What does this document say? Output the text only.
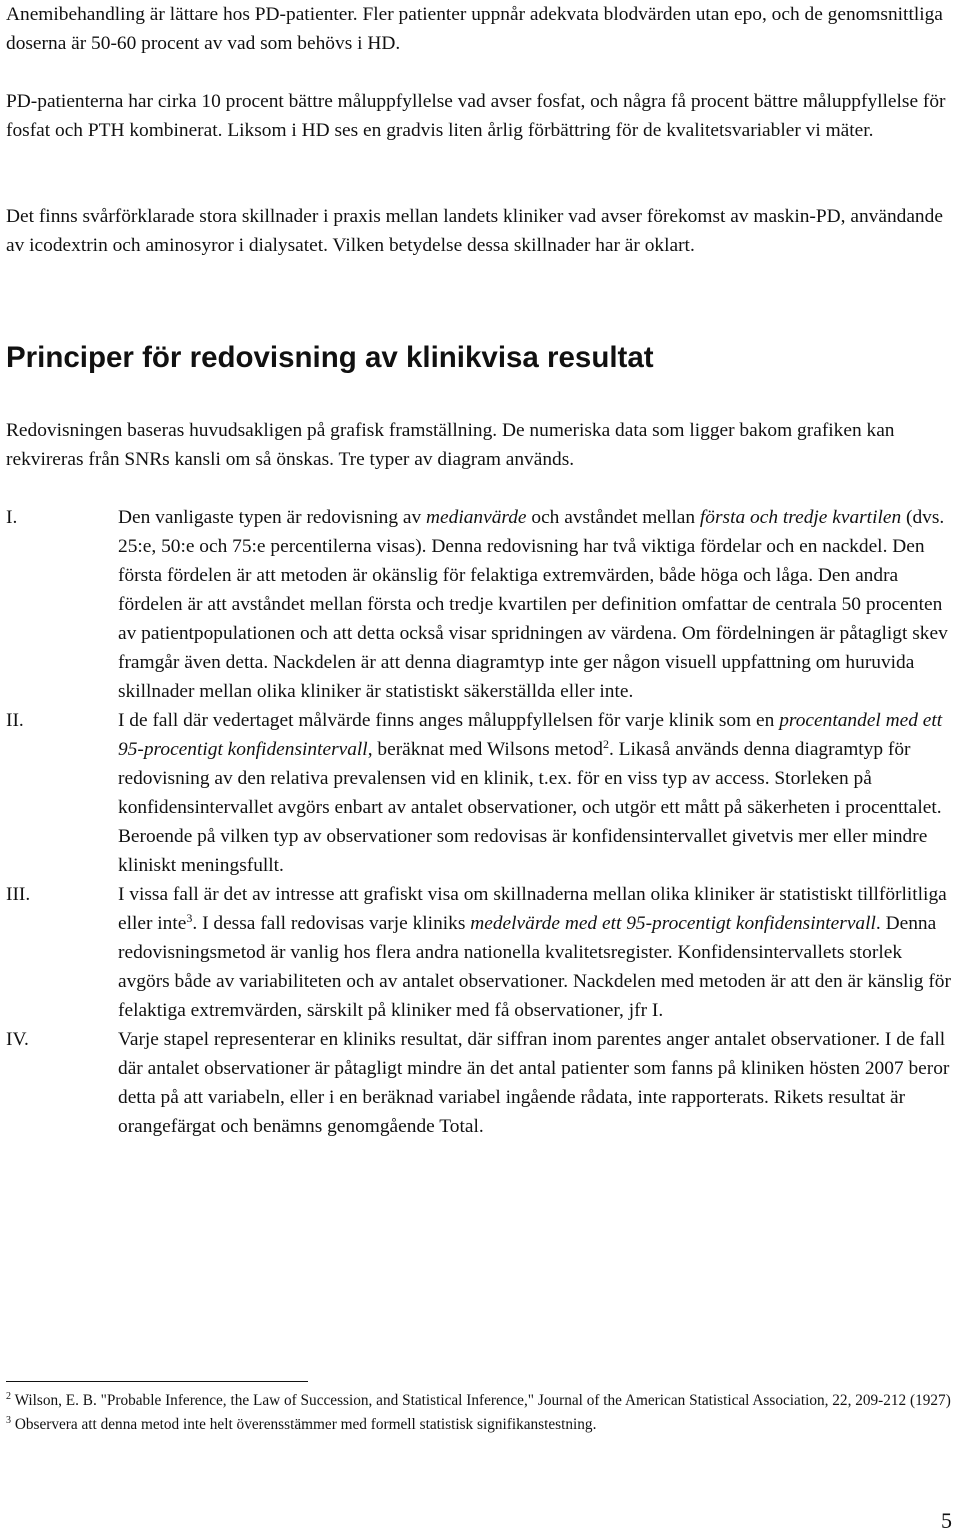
Anemibehandling är lättare hos PD-patienter. Fler patienter uppnår adekvata blodvärden utan epo, och de genomsnittliga doserna är 50-60 procent av vad som behövs i HD.

PD-patienterna har cirka 10 procent bättre måluppfyllelse vad avser fosfat, och några få procent bättre måluppfyllelse för fosfat och PTH kombinerat. Liksom i HD ses en gradvis liten årlig förbättring för de kvalitetsvariabler vi mäter.

Det finns svårförklarade stora skillnader i praxis mellan landets kliniker vad avser förekomst av maskin-PD, användande av icodextrin och aminosyror i dialysatet. Vilken betydelse dessa skillnader har är oklart.

Principer för redovisning av klinikvisa resultat

Redovisningen baseras huvudsakligen på grafisk framställning. De numeriska data som ligger bakom grafiken kan rekvireras från SNRs kansli om så önskas. Tre typer av diagram används.

I.	Den vanligaste typen är redovisning av medianvärde och avståndet mellan första och tredje kvartilen (dvs. 25:e, 50:e och 75:e percentilerna visas). Denna redovisning har två viktiga fördelar och en nackdel. Den första fördelen är att metoden är okänslig för felaktiga extremvärden, både höga och låga. Den andra fördelen är att avståndet mellan första och tredje kvartilen per definition omfattar de centrala 50 procenten av patientpopulationen och att detta också visar spridningen av värdena. Om fördelningen är påtagligt skev framgår även detta. Nackdelen är att denna diagramtyp inte ger någon visuell uppfattning om huruvida skillnader mellan olika kliniker är statistiskt säkerställda eller inte.
II.	I de fall där vedertaget målvärde finns anges måluppfyllelsen för varje klinik som en procentandel med ett 95-procentigt konfidensintervall, beräknat med Wilsons metod$^2$. Likaså används denna diagramtyp för redovisning av den relativa prevalensen vid en klinik, t.ex. för en viss typ av access. Storleken på konfidensintervallet avgörs enbart av antalet observationer, och utgör ett mått på säkerheten i procenttalet. Beroende på vilken typ av observationer som redovisas är konfidensintervallet givetvis mer eller mindre kliniskt meningsfullt.
III.	I vissa fall är det av intresse att grafiskt visa om skillnaderna mellan olika kliniker är statistiskt tillförlitliga eller inte$^3$. I dessa fall redovisas varje kliniks medelvärde med ett 95-procentigt konfidensintervall. Denna redovisningsmetod är vanlig hos flera andra nationella kvalitetsregister. Konfidensintervallets storlek avgörs både av variabiliteten och av antalet observationer. Nackdelen med metoden är att den är känslig för felaktiga extremvärden, särskilt på kliniker med få observationer, jfr I.
IV.	Varje stapel representerar en kliniks resultat, där siffran inom parentes anger antalet observationer. I de fall där antalet observationer är påtagligt mindre än det antal patienter som fanns på kliniken hösten 2007 beror detta på att variabeln, eller i en beräknad variabel ingående rådata, inte rapporterats. Rikets resultat är orangefärgat och benämns genomgående Total.

$^2$ Wilson, E. B. "Probable Inference, the Law of Succession, and Statistical Inference," Journal of the American Statistical Association, 22, 209-212 (1927)

$^3$ Observera att denna metod inte helt överensstämmer med formell statistisk signifikanstestning.

5
